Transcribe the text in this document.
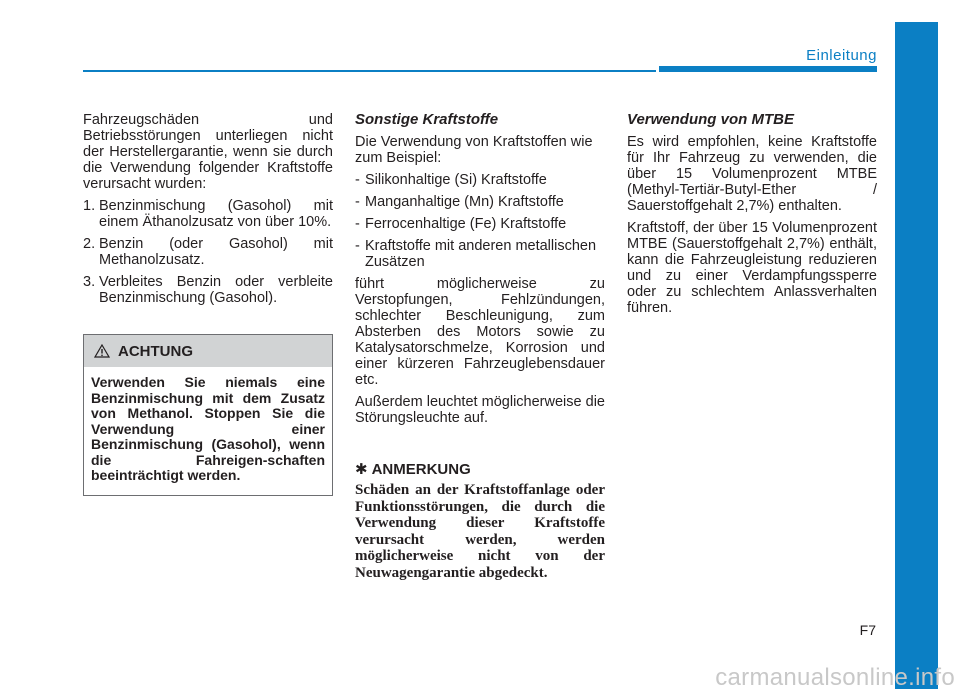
Einleitung

Fahrzeugschäden und Betriebsstörungen unterliegen nicht der Herstellergarantie, wenn sie durch die Verwendung folgender Kraftstoffe verursacht wurden:

1. Benzinmischung (Gasohol) mit einem Äthanolzusatz von über 10%.
2. Benzin (oder Gasohol) mit Methanolzusatz.
3. Verbleites Benzin oder verbleite Benzinmischung (Gasohol).
ACHTUNG
Verwenden Sie niemals eine Benzinmischung mit dem Zusatz von Methanol. Stoppen Sie die Verwendung einer Benzinmischung (Gasohol), wenn die Fahreigen-schaften beeinträchtigt werden.
Sonstige Kraftstoffe

Die Verwendung von Kraftstoffen wie zum Beispiel:

- Silikonhaltige (Si) Kraftstoffe
- Manganhaltige (Mn) Kraftstoffe
- Ferrocenhaltige (Fe) Kraftstoffe
- Kraftstoffe mit anderen metallischen Zusätzen

führt möglicherweise zu Verstopfungen, Fehlzündungen, schlechter Beschleunigung, zum Absterben des Motors sowie zu Katalysatorschmelze, Korrosion und einer kürzeren Fahrzeuglebensdauer etc.

Außerdem leuchtet möglicherweise die Störungsleuchte auf.

✱ ANMERKUNG

Schäden an der Kraftstoffanlage oder Funktionsstörungen, die durch die Verwendung dieser Kraftstoffe verursacht werden, werden möglicherweise nicht von der Neuwagengarantie abgedeckt.

Verwendung von MTBE

Es wird empfohlen, keine Kraftstoffe für Ihr Fahrzeug zu verwenden, die über 15 Volumenprozent MTBE (Methyl-Tertiär-Butyl-Ether / Sauerstoffgehalt 2,7%) enthalten.

Kraftstoff, der über 15 Volumenprozent MTBE (Sauerstoffgehalt 2,7%) enthält, kann die Fahrzeugleistung reduzieren und zu einer Verdampfungssperre oder zu schlechtem Anlassverhalten führen.

F7
carmanualsonline.info
